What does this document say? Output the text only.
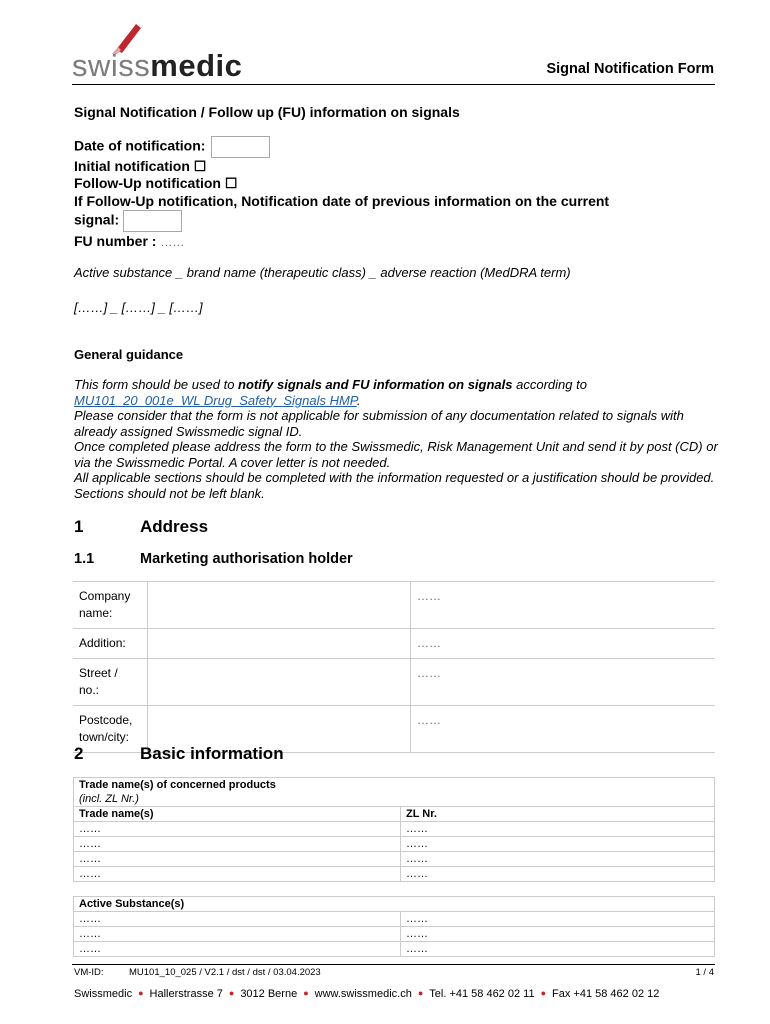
swissmedic	Signal Notification Form
Signal Notification / Follow up (FU) information on signals
Date of notification:
Initial notification ☐
Follow-Up notification ☐
If Follow-Up notification, Notification date of previous information on the current
signal:
FU number : ……
Active substance _ brand name (therapeutic class) _ adverse reaction (MedDRA term)
[……] _ [……] _ [……]
General guidance

This form should be used to notify signals and FU information on signals according to
MU101_20_001e_WL Drug_Safety_Signals HMP.

Please consider that the form is not applicable for submission of any documentation related to signals with already assigned Swissmedic signal ID.

Once completed please address the form to the Swissmedic, Risk Management Unit and send it by post (CD) or via the Swissmedic Portal. A cover letter is not needed.

All applicable sections should be completed with the information requested or a justification should be provided. Sections should not be left blank.

1	Address
1.1	Marketing authorisation holder
Company name:		……
Addition:		……
Street / no.:		……
Postcode, town/city:		……
2	Basic information
Trade name(s) of concerned products
(incl. ZL Nr.)	

Trade name(s)	ZL Nr.
……	……
……	……
……	……
……	……
Active Substance(s)	
……	……
……	……
……	……
VM-ID:	MU101_10_025 / V2.1 / dst / dst / 03.04.2023	1 / 4
Swissmedic ● Hallerstrasse 7 ● 3012 Berne ● www.swissmedic.ch ● Tel. +41 58 462 02 11 ● Fax +41 58 462 02 12
